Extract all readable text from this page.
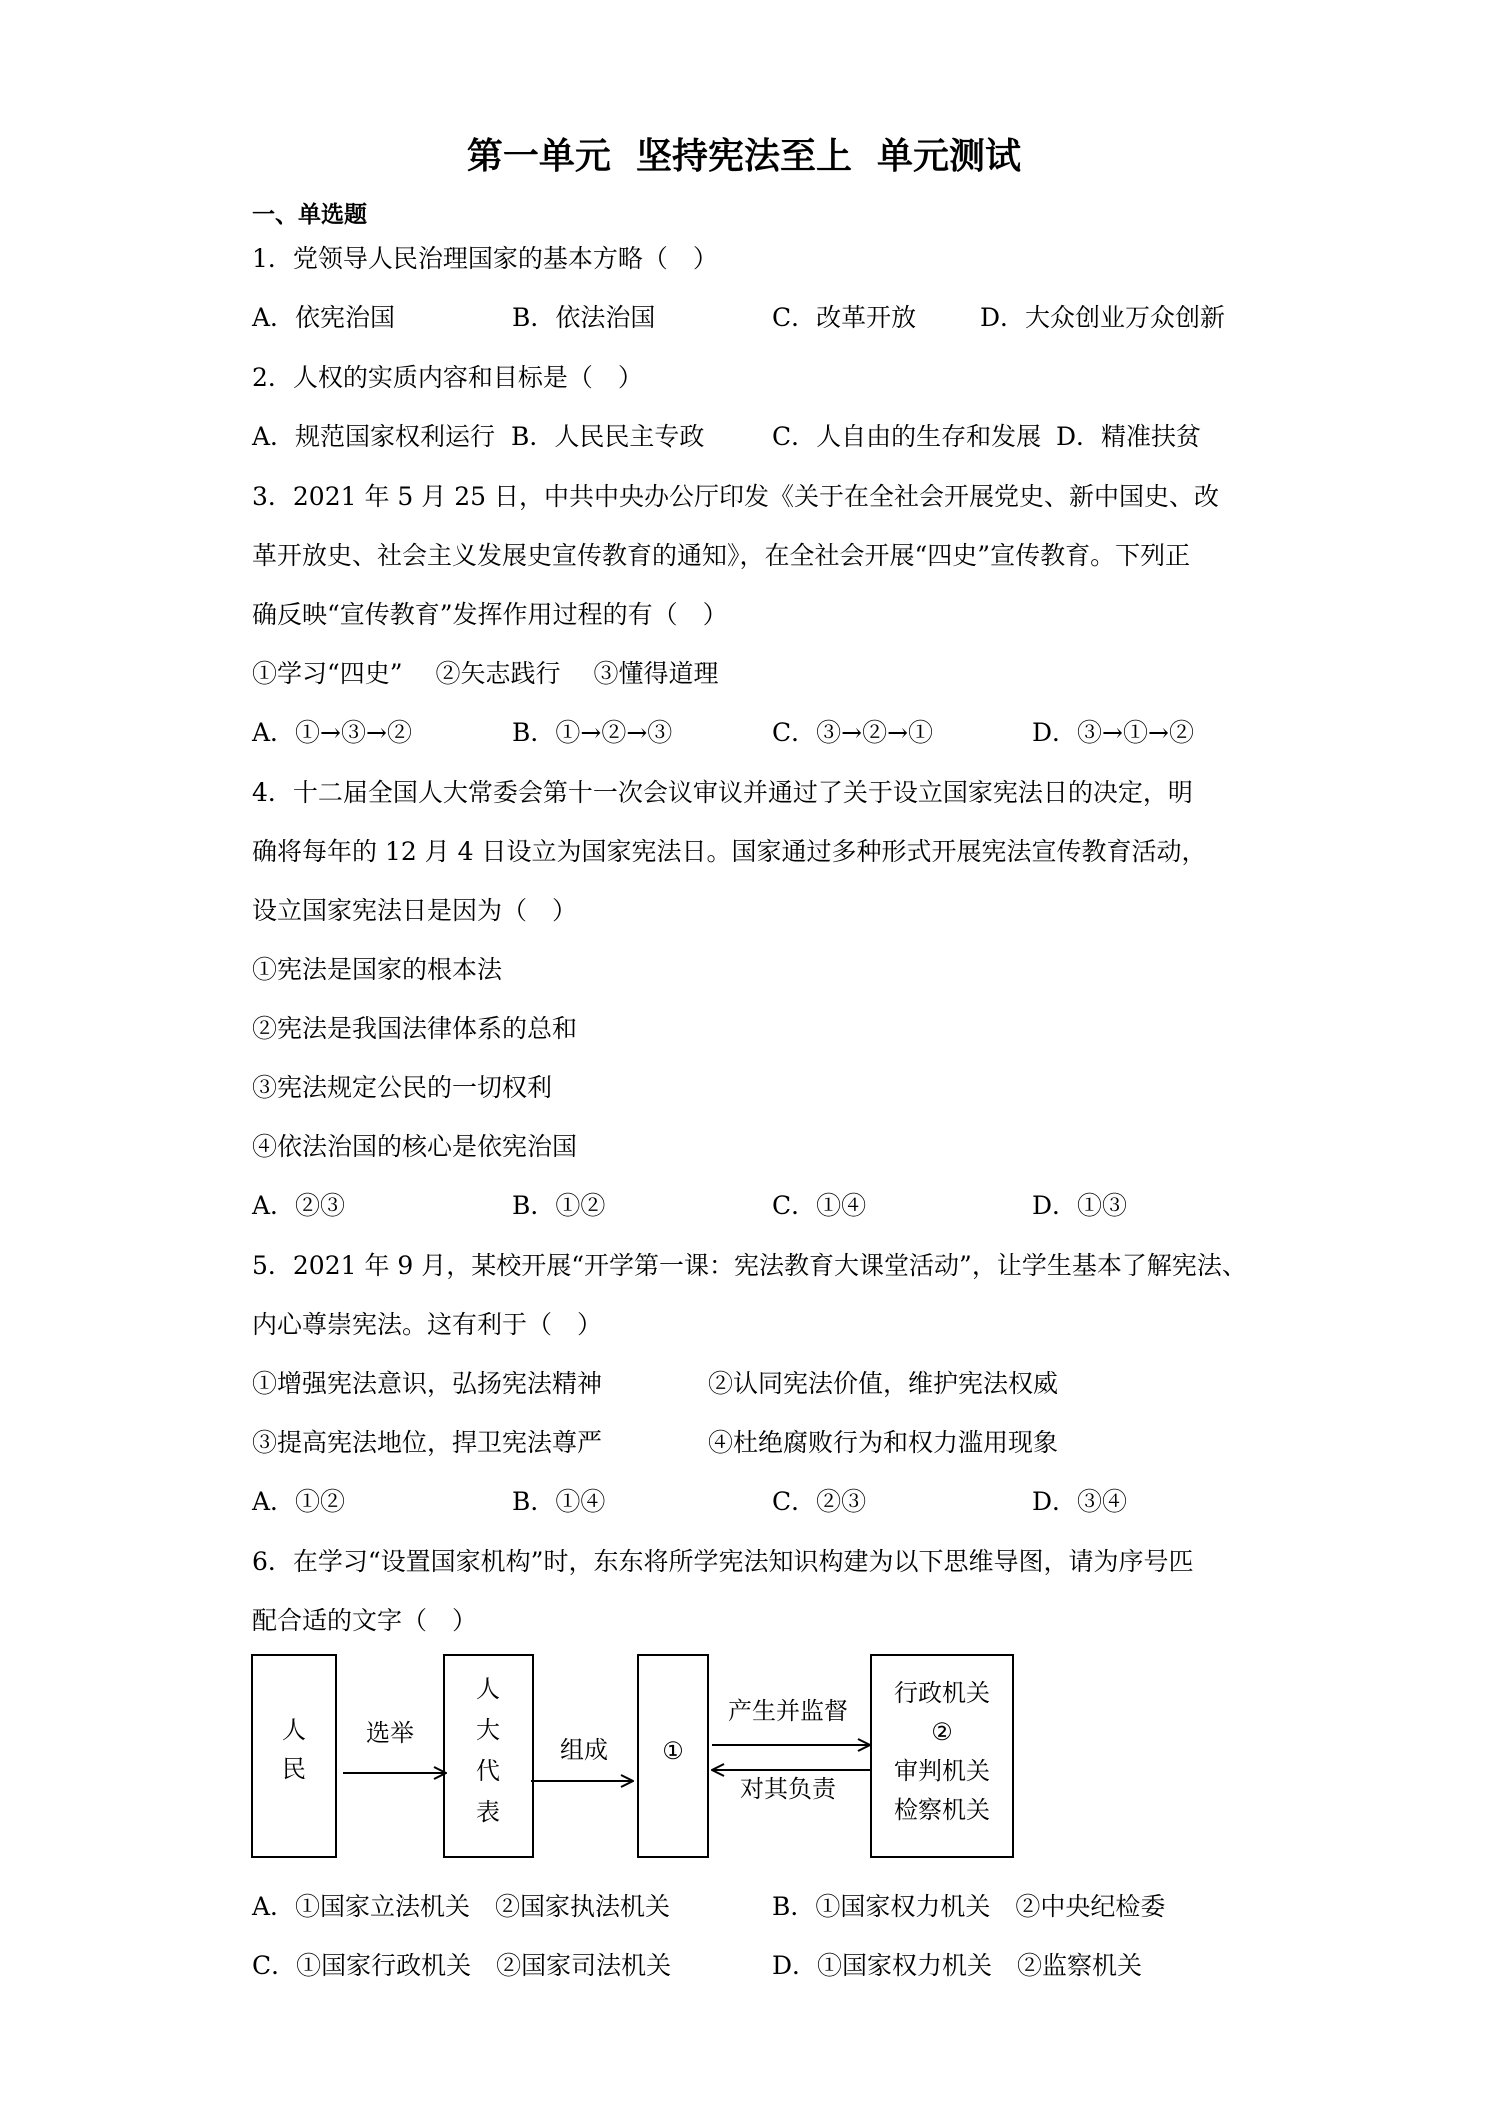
第一单元  坚持宪法至上  单元测试
一、单选题
1．党领导人民治理国家的基本方略（　）
A．依宪治国	B．依法治国	C．改革开放	D．大众创业万众创新
2．人权的实质内容和目标是（　）
A．规范国家权利运行 B．人民民主专政	C．人自由的生存和发展 D．精准扶贫
3．2021 年 5 月 25 日，中共中央办公厅印发《关于在全社会开展党史、新中国史、改
革开放史、社会主义发展史宣传教育的通知》，在全社会开展“四史”宣传教育。下列正
确反映“宣传教育”发挥作用过程的有（　）
①学习“四史”　 ②矢志践行　 ③懂得道理
A．①→③→②	B．①→②→③	C．③→②→①	D．③→①→②
4．十二届全国人大常委会第十一次会议审议并通过了关于设立国家宪法日的决定，明
确将每年的 12 月 4 日设立为国家宪法日。国家通过多种形式开展宪法宣传教育活动，
设立国家宪法日是因为（　）
①宪法是国家的根本法
②宪法是我国法律体系的总和
③宪法规定公民的一切权利
④依法治国的核心是依宪治国
A．②③	B．①②	C．①④	D．①③
5．2021 年 9 月，某校开展“开学第一课：宪法教育大课堂活动”，让学生基本了解宪法、
内心尊崇宪法。这有利于（　）
①增强宪法意识，弘扬宪法精神	②认同宪法价值，维护宪法权威
③提高宪法地位，捍卫宪法尊严	④杜绝腐败行为和权力滥用现象
A．①②	B．①④	C．②③	D．③④
6．在学习“设置国家机构”时，东东将所学宪法知识构建为以下思维导图，请为序号匹
配合适的文字（　）
人
民
选举
人
大
代
表
组成 ①
产生并监督
对其负责
行政机关
②
审判机关
检察机关
A．①国家立法机关　②国家执法机关	B．①国家权力机关　②中央纪检委
C．①国家行政机关　②国家司法机关	D．①国家权力机关　②监察机关
